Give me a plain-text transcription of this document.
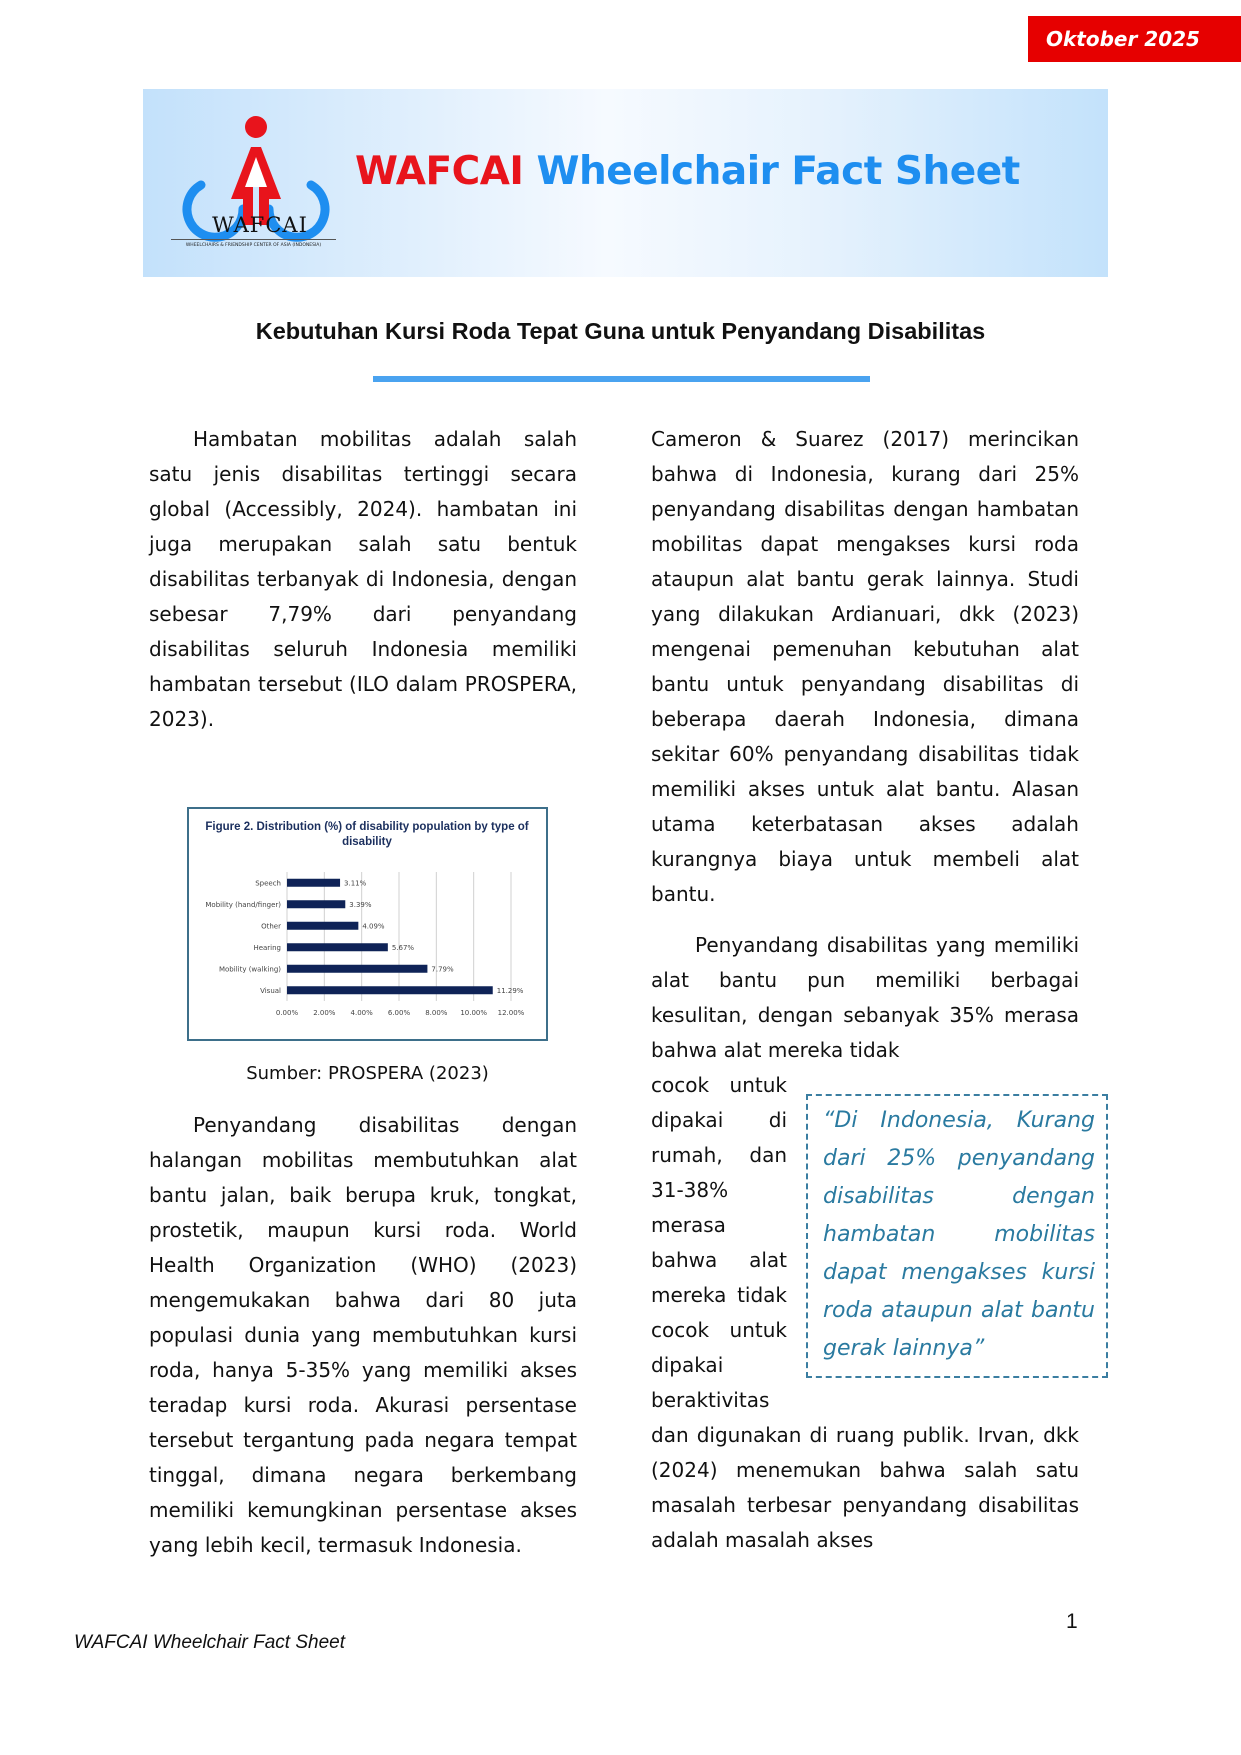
Oktober 2025
WAFCAI
WHEELCHAIRS & FRIENDSHIP CENTER OF ASIA (INDONESIA)
WAFCAI Wheelchair Fact Sheet
Kebutuhan Kursi Roda Tepat Guna untuk Penyandang Disabilitas

Hambatan mobilitas adalah salah satu jenis disabilitas tertinggi secara global (Accessibly, 2024). hambatan ini juga merupakan salah satu bentuk disabilitas terbanyak di Indonesia, dengan sebesar 7,79% dari penyandang disabilitas seluruh Indonesia memiliki hambatan tersebut (ILO dalam PROSPERA, 2023).

Figure 2. Distribution (%) of disability population by type of
disability
0.00% 2.00% 4.00% 6.00% 8.00% 10.00% 12.00%
Speech	3.11%
Mobility (hand/finger)	3.39%
Other	4.09%
Hearing	5.67%
Mobility (walking)	7.79%
Visual	11.29%
Sumber: PROSPERA (2023)

Penyandang disabilitas dengan halangan mobilitas membutuhkan alat bantu jalan, baik berupa kruk, tongkat, prostetik, maupun kursi roda. World Health Organization (WHO) (2023) mengemukakan bahwa dari 80 juta populasi dunia yang membutuhkan kursi roda, hanya 5-35% yang memiliki akses teradap kursi roda. Akurasi persentase tersebut tergantung pada negara tempat tinggal, dimana negara berkembang memiliki kemungkinan persentase akses yang lebih kecil, termasuk Indonesia.

Cameron & Suarez (2017) merincikan bahwa di Indonesia, kurang dari 25% penyandang disabilitas dengan hambatan mobilitas dapat mengakses kursi roda ataupun alat bantu gerak lainnya. Studi yang dilakukan Ardianuari, dkk (2023) mengenai pemenuhan kebutuhan alat bantu untuk penyandang disabilitas di beberapa daerah Indonesia, dimana sekitar 60% penyandang disabilitas tidak memiliki akses untuk alat bantu. Alasan utama keterbatasan akses adalah kurangnya biaya untuk membeli alat bantu.

Penyandang disabilitas yang memiliki alat bantu pun memiliki berbagai kesulitan, dengan sebanyak 35% merasa bahwa alat mereka tidak

cocok untuk
dipakai di
rumah, dan
31-38%
merasa
bahwa alat
mereka tidak
cocok untuk
dipakai
beraktivitas
“Di Indonesia, Kurang dari 25% penyandang disabilitas dengan hambatan mobilitas dapat mengakses kursi roda ataupun alat bantu gerak lainnya”

dan digunakan di ruang publik. Irvan, dkk (2024) menemukan bahwa salah satu masalah terbesar penyandang disabilitas adalah masalah akses

WAFCAI Wheelchair Fact Sheet
1
